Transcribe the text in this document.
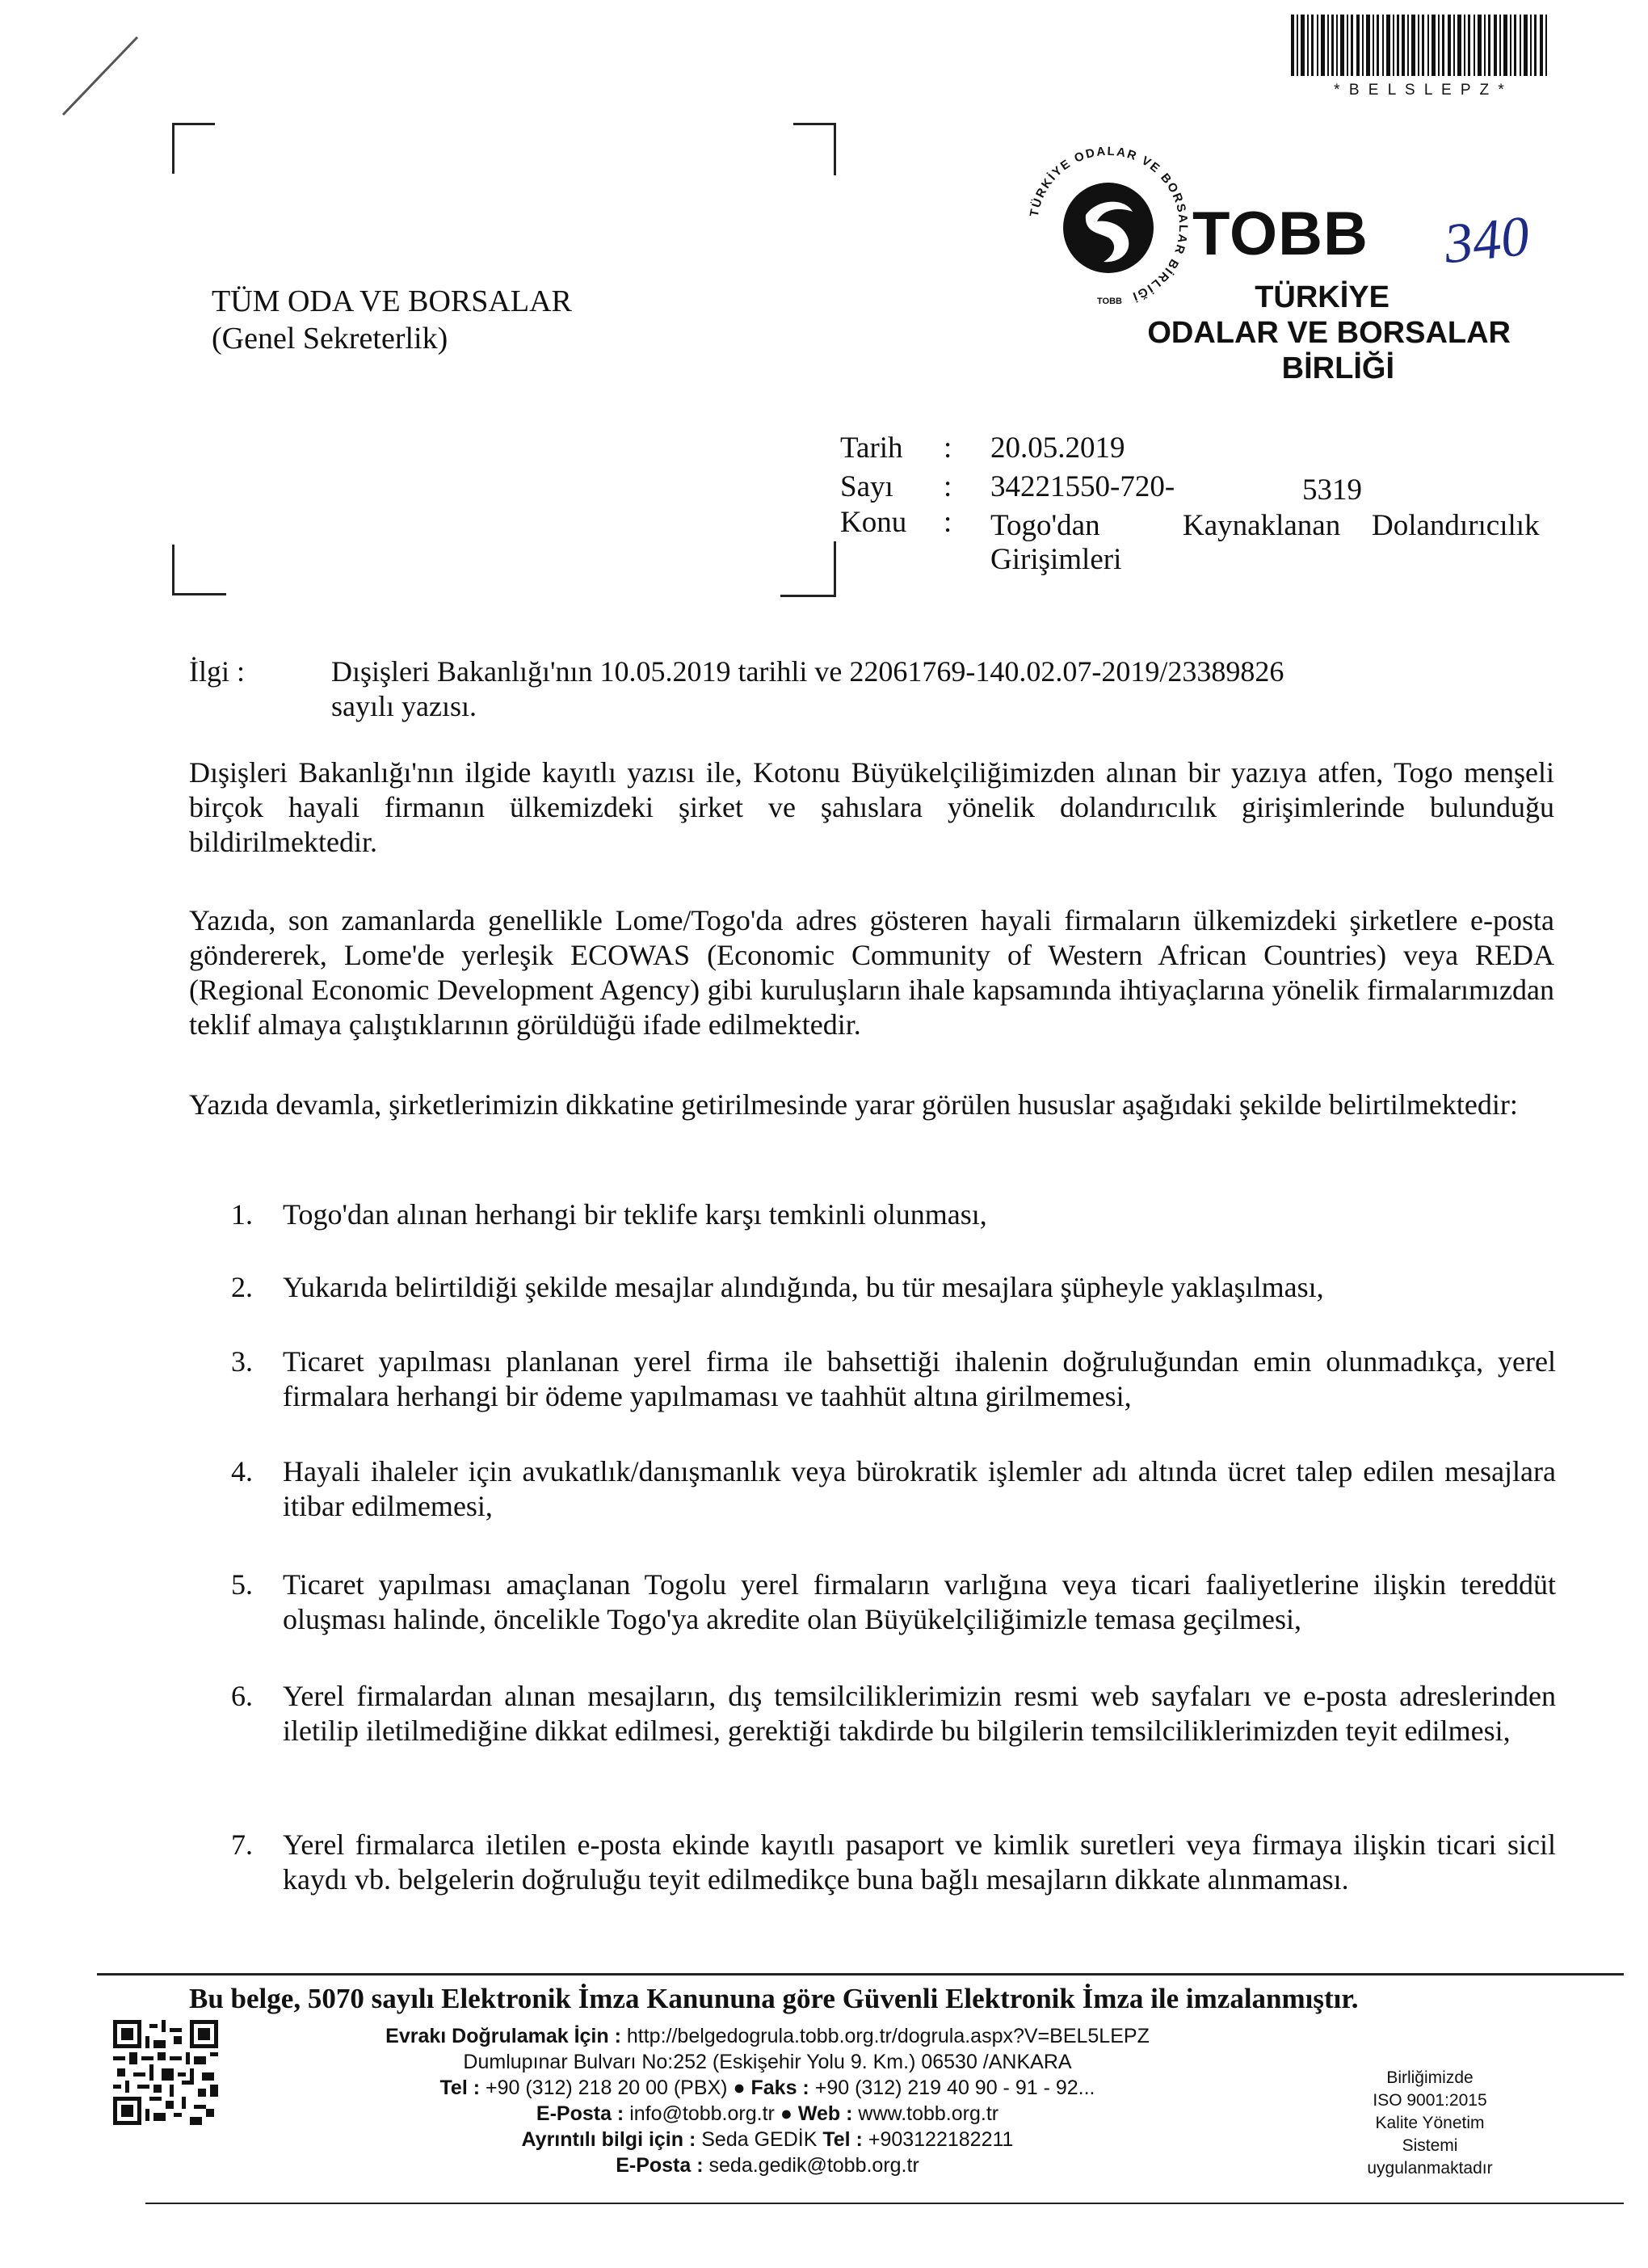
* B E L S L E P Z *
TÜM ODA VE BORSALAR
(Genel Sekreterlik)
TÜRKİYE ODALAR VE BORSALAR BİRLİĞİ
TOBB
TOBB
TÜRKİYE
ODALAR VE BORSALAR
BİRLİĞİ
340
Tarih : 20.05.2019
Sayı : 34221550-720-	5319
Konu : Togo'dan	Kaynaklanan Dolandırıcılık
Girişimleri
İlgi :	Dışişleri Bakanlığı'nın 10.05.2019 tarihli ve 22061769-140.02.07-2019/23389826
sayılı yazısı.
Dışişleri Bakanlığı'nın ilgide kayıtlı yazısı ile, Kotonu Büyükelçiliğimizden alınan bir yazıya atfen, Togo menşeli birçok hayali firmanın ülkemizdeki şirket ve şahıslara yönelik dolandırıcılık girişimlerinde bulunduğu bildirilmektedir.
Yazıda, son zamanlarda genellikle Lome/Togo'da adres gösteren hayali firmaların ülkemizdeki şirketlere e-posta göndererek, Lome'de yerleşik ECOWAS (Economic Community of Western African Countries) veya REDA (Regional Economic Development Agency) gibi kuruluşların ihale kapsamında ihtiyaçlarına yönelik firmalarımızdan teklif almaya çalıştıklarının görüldüğü ifade edilmektedir.
Yazıda devamla, şirketlerimizin dikkatine getirilmesinde yarar görülen hususlar aşağıdaki şekilde belirtilmektedir:
1.	Togo'dan alınan herhangi bir teklife karşı temkinli olunması,
2.	Yukarıda belirtildiği şekilde mesajlar alındığında, bu tür mesajlara şüpheyle yaklaşılması,
3.	Ticaret yapılması planlanan yerel firma ile bahsettiği ihalenin doğruluğundan emin olunmadıkça, yerel firmalara herhangi bir ödeme yapılmaması ve taahhüt altına girilmemesi,
4.	Hayali ihaleler için avukatlık/danışmanlık veya bürokratik işlemler adı altında ücret talep edilen mesajlara itibar edilmemesi,
5.	Ticaret yapılması amaçlanan Togolu yerel firmaların varlığına veya ticari faaliyetlerine ilişkin tereddüt oluşması halinde, öncelikle Togo'ya akredite olan Büyükelçiliğimizle temasa geçilmesi,
6.	Yerel firmalardan alınan mesajların, dış temsilciliklerimizin resmi web sayfaları ve e-posta adreslerinden iletilip iletilmediğine dikkat edilmesi, gerektiği takdirde bu bilgilerin temsilciliklerimizden teyit edilmesi,
7.	Yerel firmalarca iletilen e-posta ekinde kayıtlı pasaport ve kimlik suretleri veya firmaya ilişkin ticari sicil kaydı vb. belgelerin doğruluğu teyit edilmedikçe buna bağlı mesajların dikkate alınmaması.
Bu belge, 5070 sayılı Elektronik İmza Kanununa göre Güvenli Elektronik İmza ile imzalanmıştır.
Evrakı Doğrulamak İçin : http://belgedogrula.tobb.org.tr/dogrula.aspx?V=BEL5LEPZ
Dumlupınar Bulvarı No:252 (Eskişehir Yolu 9. Km.) 06530 /ANKARA
Tel : +90 (312) 218 20 00 (PBX) ● Faks : +90 (312) 219 40 90 - 91 - 92...
E-Posta : info@tobb.org.tr ● Web : www.tobb.org.tr
Ayrıntılı bilgi için : Seda GEDİK Tel : +903122182211
E-Posta : seda.gedik@tobb.org.tr
Birliğimizde
ISO 9001:2015
Kalite Yönetim
Sistemi
uygulanmaktadır
